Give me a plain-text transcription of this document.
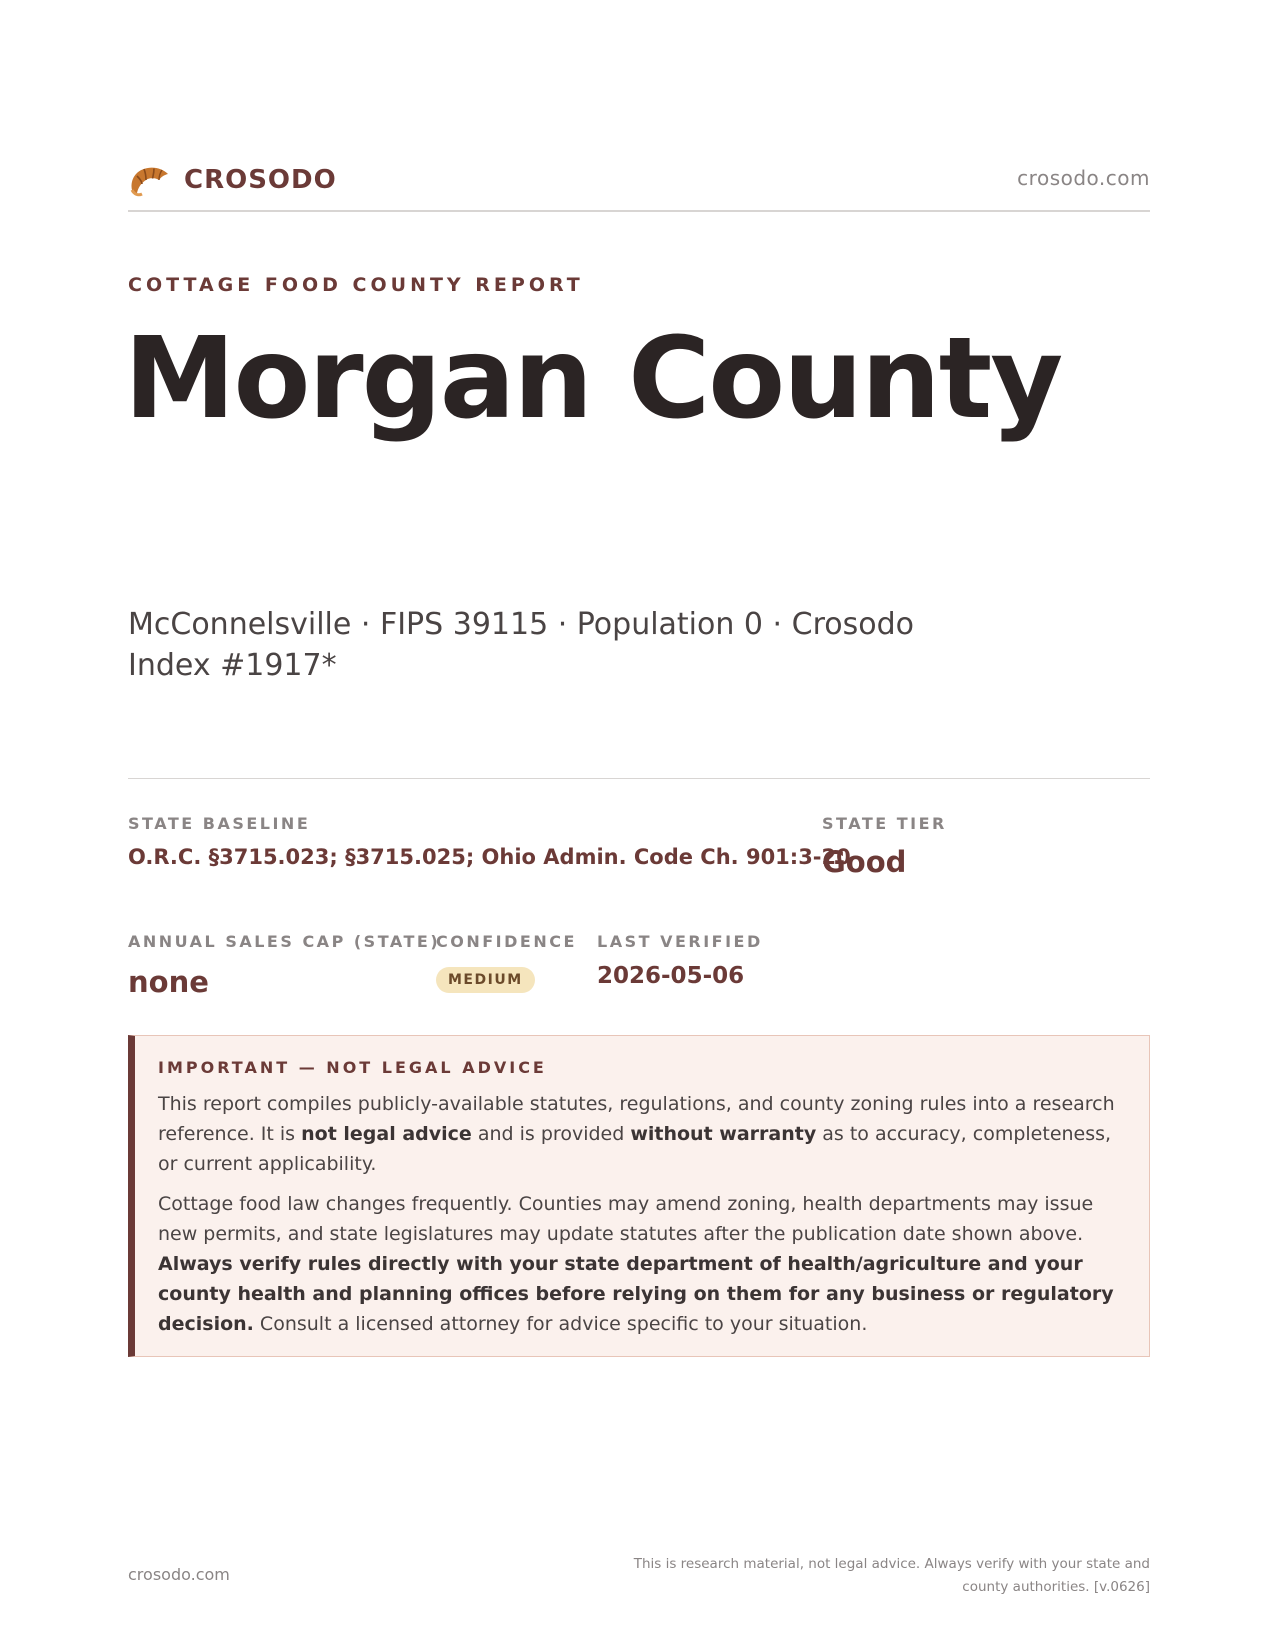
CROSODO	crosodo.com
COTTAGE FOOD COUNTY REPORT
Morgan County
McConnelsville · FIPS 39115 · Population 0 · Crosodo Index #1917*
STATE BASELINE
O.R.C. §3715.023; §3715.025; Ohio Admin. Code Ch. 901:3-20
STATE TIER
Good
ANNUAL SALES CAP (STATE)
none
CONFIDENCE
MEDIUM
LAST VERIFIED
2026-05-06
IMPORTANT — NOT LEGAL ADVICE

This report compiles publicly-available statutes, regulations, and county zoning rules into a research reference. It is not legal advice and is provided without warranty as to accuracy, completeness, or current applicability.

Cottage food law changes frequently. Counties may amend zoning, health departments may issue new permits, and state legislatures may update statutes after the publication date shown above. Always verify rules directly with your state department of health/agriculture and your county health and planning offices before relying on them for any business or regulatory decision. Consult a licensed attorney for advice specific to your situation.

crosodo.com
This is research material, not legal advice. Always verify with your state and county authorities. [v.0626]
